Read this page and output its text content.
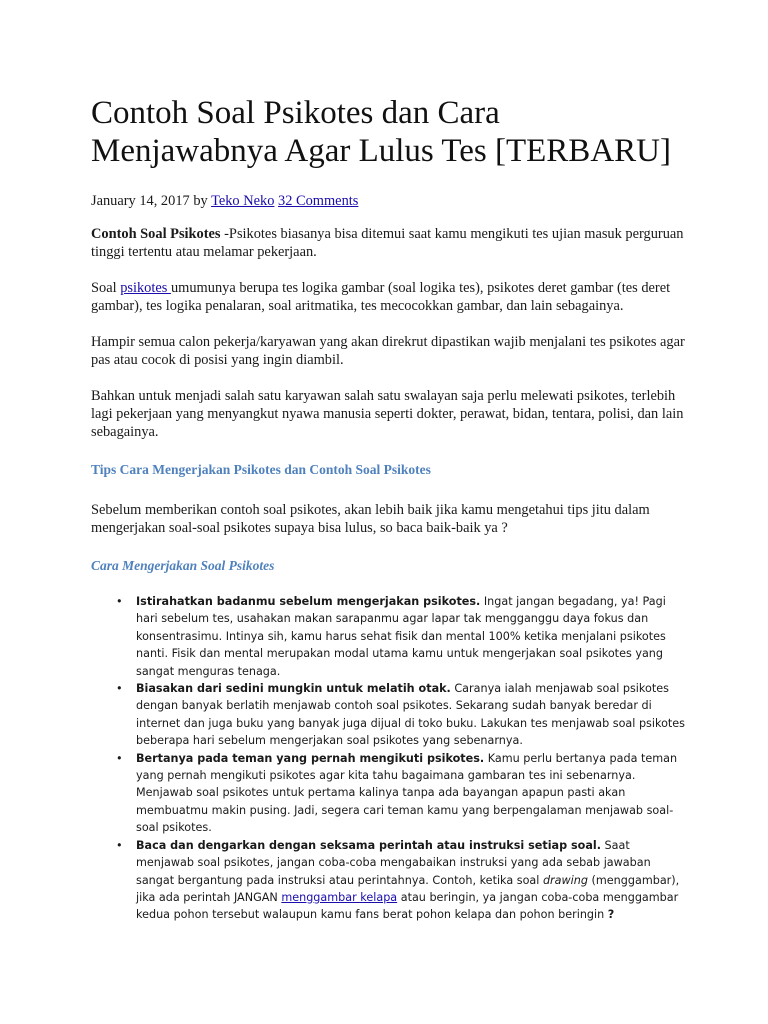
Contoh Soal Psikotes dan Cara Menjawabnya Agar Lulus Tes [TERBARU]
January 14, 2017 by Teko Neko 32 Comments

Contoh Soal Psikotes -Psikotes biasanya bisa ditemui saat kamu mengikuti tes ujian masuk perguruan tinggi tertentu atau melamar pekerjaan.

Soal psikotes umumunya berupa tes logika gambar (soal logika tes), psikotes deret gambar (tes deret gambar), tes logika penalaran, soal aritmatika, tes mecocokkan gambar, dan lain sebagainya.

Hampir semua calon pekerja/karyawan yang akan direkrut dipastikan wajib menjalani tes psikotes agar pas atau cocok di posisi yang ingin diambil.

Bahkan untuk menjadi salah satu karyawan salah satu swalayan saja perlu melewati psikotes, terlebih lagi pekerjaan yang menyangkut nyawa manusia seperti dokter, perawat, bidan, tentara, polisi, dan lain sebagainya.

Tips Cara Mengerjakan Psikotes dan Contoh Soal Psikotes

Sebelum memberikan contoh soal psikotes, akan lebih baik jika kamu mengetahui tips jitu dalam mengerjakan soal-soal psikotes supaya bisa lulus, so baca baik-baik ya ?

Cara Mengerjakan Soal Psikotes
• Istirahatkan badanmu sebelum mengerjakan psikotes. Ingat jangan begadang, ya! Pagi hari sebelum tes, usahakan makan sarapanmu agar lapar tak mengganggu daya fokus dan konsentrasimu. Intinya sih, kamu harus sehat fisik dan mental 100% ketika menjalani psikotes nanti. Fisik dan mental merupakan modal utama kamu untuk mengerjakan soal psikotes yang sangat menguras tenaga.
• Biasakan dari sedini mungkin untuk melatih otak. Caranya ialah menjawab soal psikotes dengan banyak berlatih menjawab contoh soal psikotes. Sekarang sudah banyak beredar di internet dan juga buku yang banyak juga dijual di toko buku. Lakukan tes menjawab soal psikotes beberapa hari sebelum mengerjakan soal psikotes yang sebenarnya.
• Bertanya pada teman yang pernah mengikuti psikotes. Kamu perlu bertanya pada teman yang pernah mengikuti psikotes agar kita tahu bagaimana gambaran tes ini sebenarnya. Menjawab soal psikotes untuk pertama kalinya tanpa ada bayangan apapun pasti akan membuatmu makin pusing. Jadi, segera cari teman kamu yang berpengalaman menjawab soal-soal psikotes.
• Baca dan dengarkan dengan seksama perintah atau instruksi setiap soal. Saat menjawab soal psikotes, jangan coba-coba mengabaikan instruksi yang ada sebab jawaban sangat bergantung pada instruksi atau perintahnya. Contoh, ketika soal drawing (menggambar), jika ada perintah JANGAN menggambar kelapa atau beringin, ya jangan coba-coba menggambar kedua pohon tersebut walaupun kamu fans berat pohon kelapa dan pohon beringin ?
